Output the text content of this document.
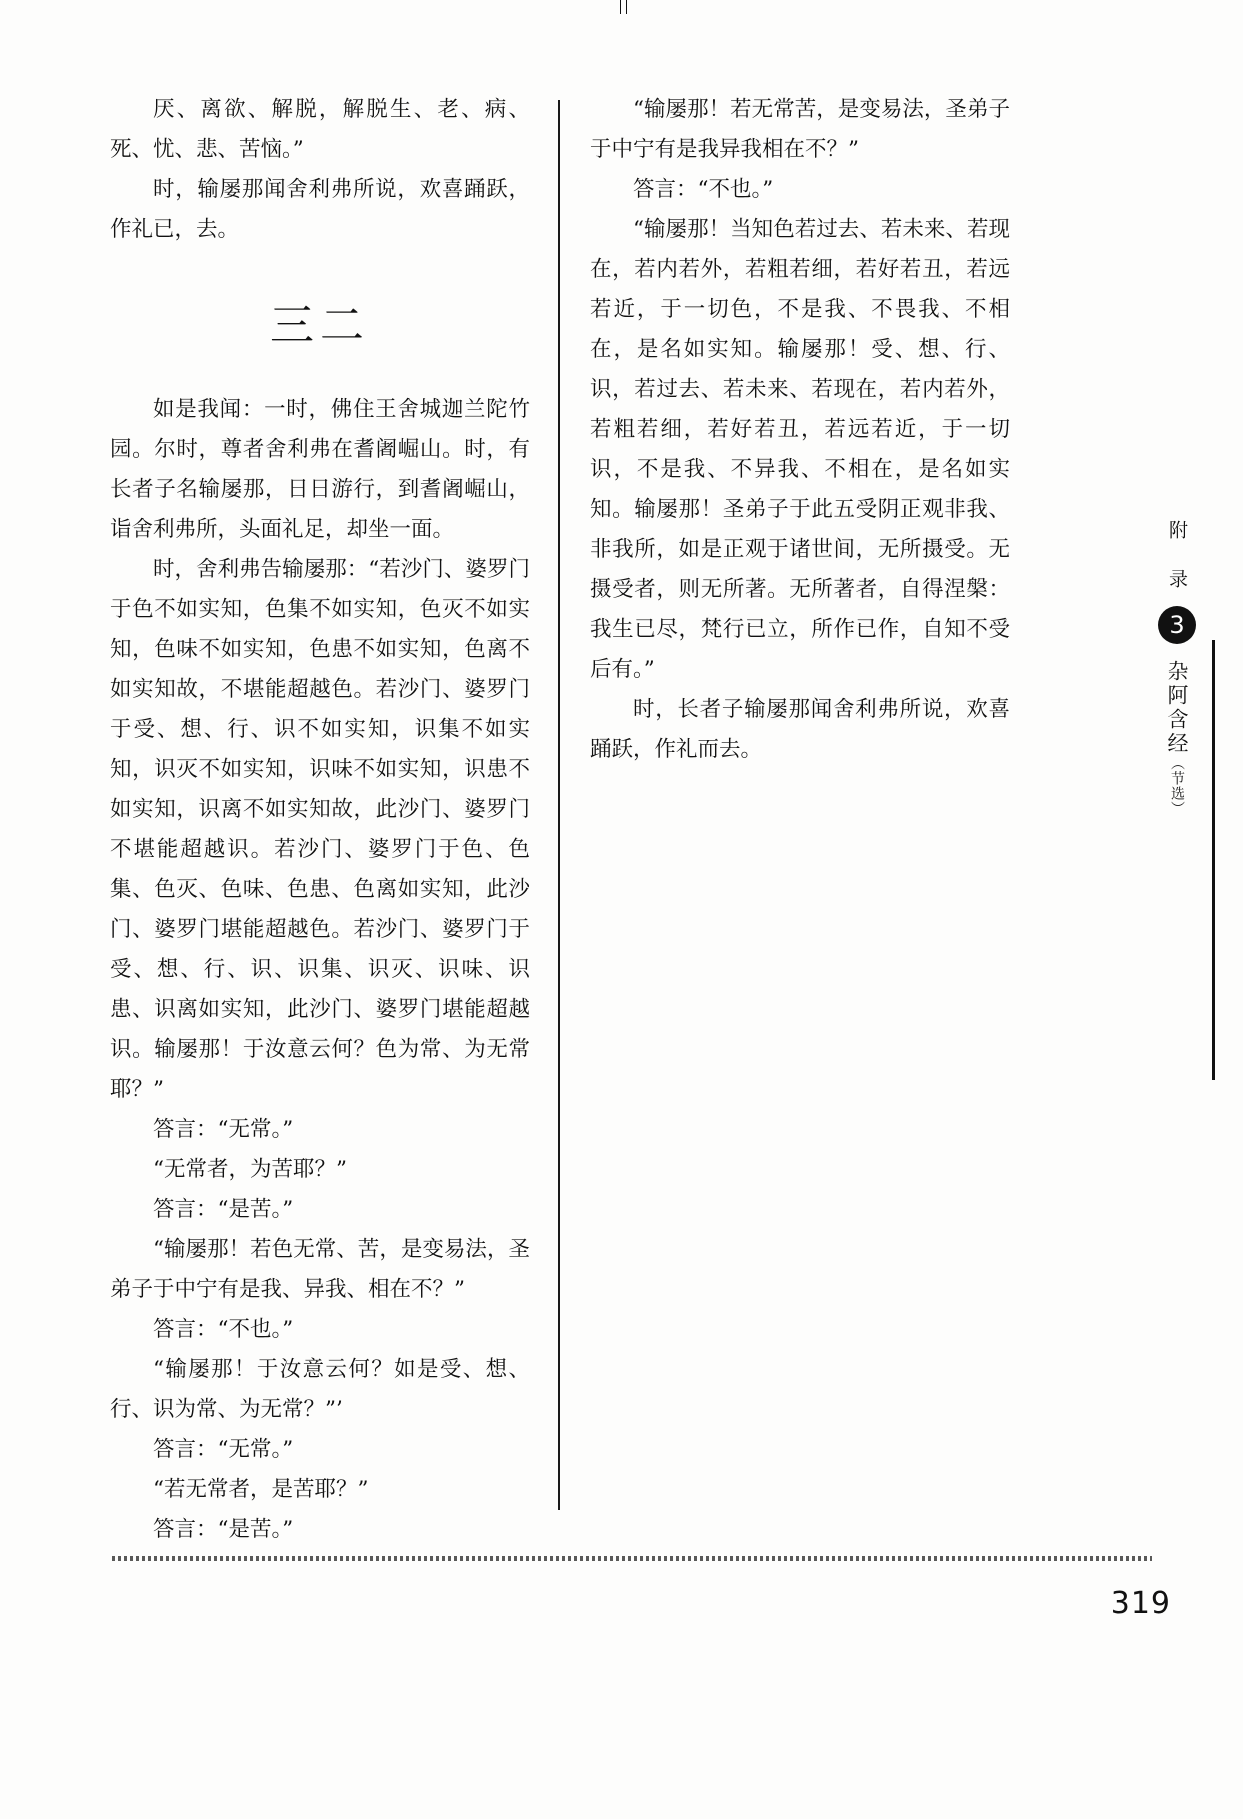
厌、离欲、解脱，解脱生、老、病、死、忧、悲、苦恼。”

时，输屡那闻舍利弗所说，欢喜踊跃，作礼已，去。

三二

如是我闻：一时，佛住王舍城迦兰陀竹园。尔时，尊者舍利弗在耆阇崛山。时，有长者子名输屡那，日日游行，到耆阇崛山，诣舍利弗所，头面礼足，却坐一面。

时，舍利弗告输屡那：“若沙门、婆罗门于色不如实知，色集不如实知，色灭不如实知，色味不如实知，色患不如实知，色离不如实知故，不堪能超越色。若沙门、婆罗门于受、想、行、识不如实知，识集不如实知，识灭不如实知，识味不如实知，识患不如实知，识离不如实知故，此沙门、婆罗门不堪能超越识。若沙门、婆罗门于色、色集、色灭、色味、色患、色离如实知，此沙门、婆罗门堪能超越色。若沙门、婆罗门于受、想、行、识、识集、识灭、识味、识患、识离如实知，此沙门、婆罗门堪能超越识。输屡那！于汝意云何？色为常、为无常耶？”

答言：“无常。”

“无常者，为苦耶？”

答言：“是苦。”

“输屡那！若色无常、苦，是变易法，圣弟子于中宁有是我、异我、相在不？”

答言：“不也。”

“输屡那！于汝意云何？如是受、想、行、识为常、为无常？”’

答言：“无常。”

“若无常者，是苦耶？”

答言：“是苦。”

“输屡那！若无常苦，是变易法，圣弟子于中宁有是我异我相在不？”

答言：“不也。”

“输屡那！当知色若过去、若未来、若现在，若内若外，若粗若细，若好若丑，若远若近，于一切色，不是我、不畏我、不相在，是名如实知。输屡那！受、想、行、识，若过去、若未来、若现在，若内若外，若粗若细，若好若丑，若远若近，于一切识，不是我、不异我、不相在，是名如实知。输屡那！圣弟子于此五受阴正观非我、非我所，如是正观于诸世间，无所摄受。无摄受者，则无所著。无所著者，自得涅槃：我生已尽，梵行已立，所作已作，自知不受后有。”

时，长者子输屡那闻舍利弗所说，欢喜踊跃，作礼而去。

附 录
3
杂阿含经（节选）
319
